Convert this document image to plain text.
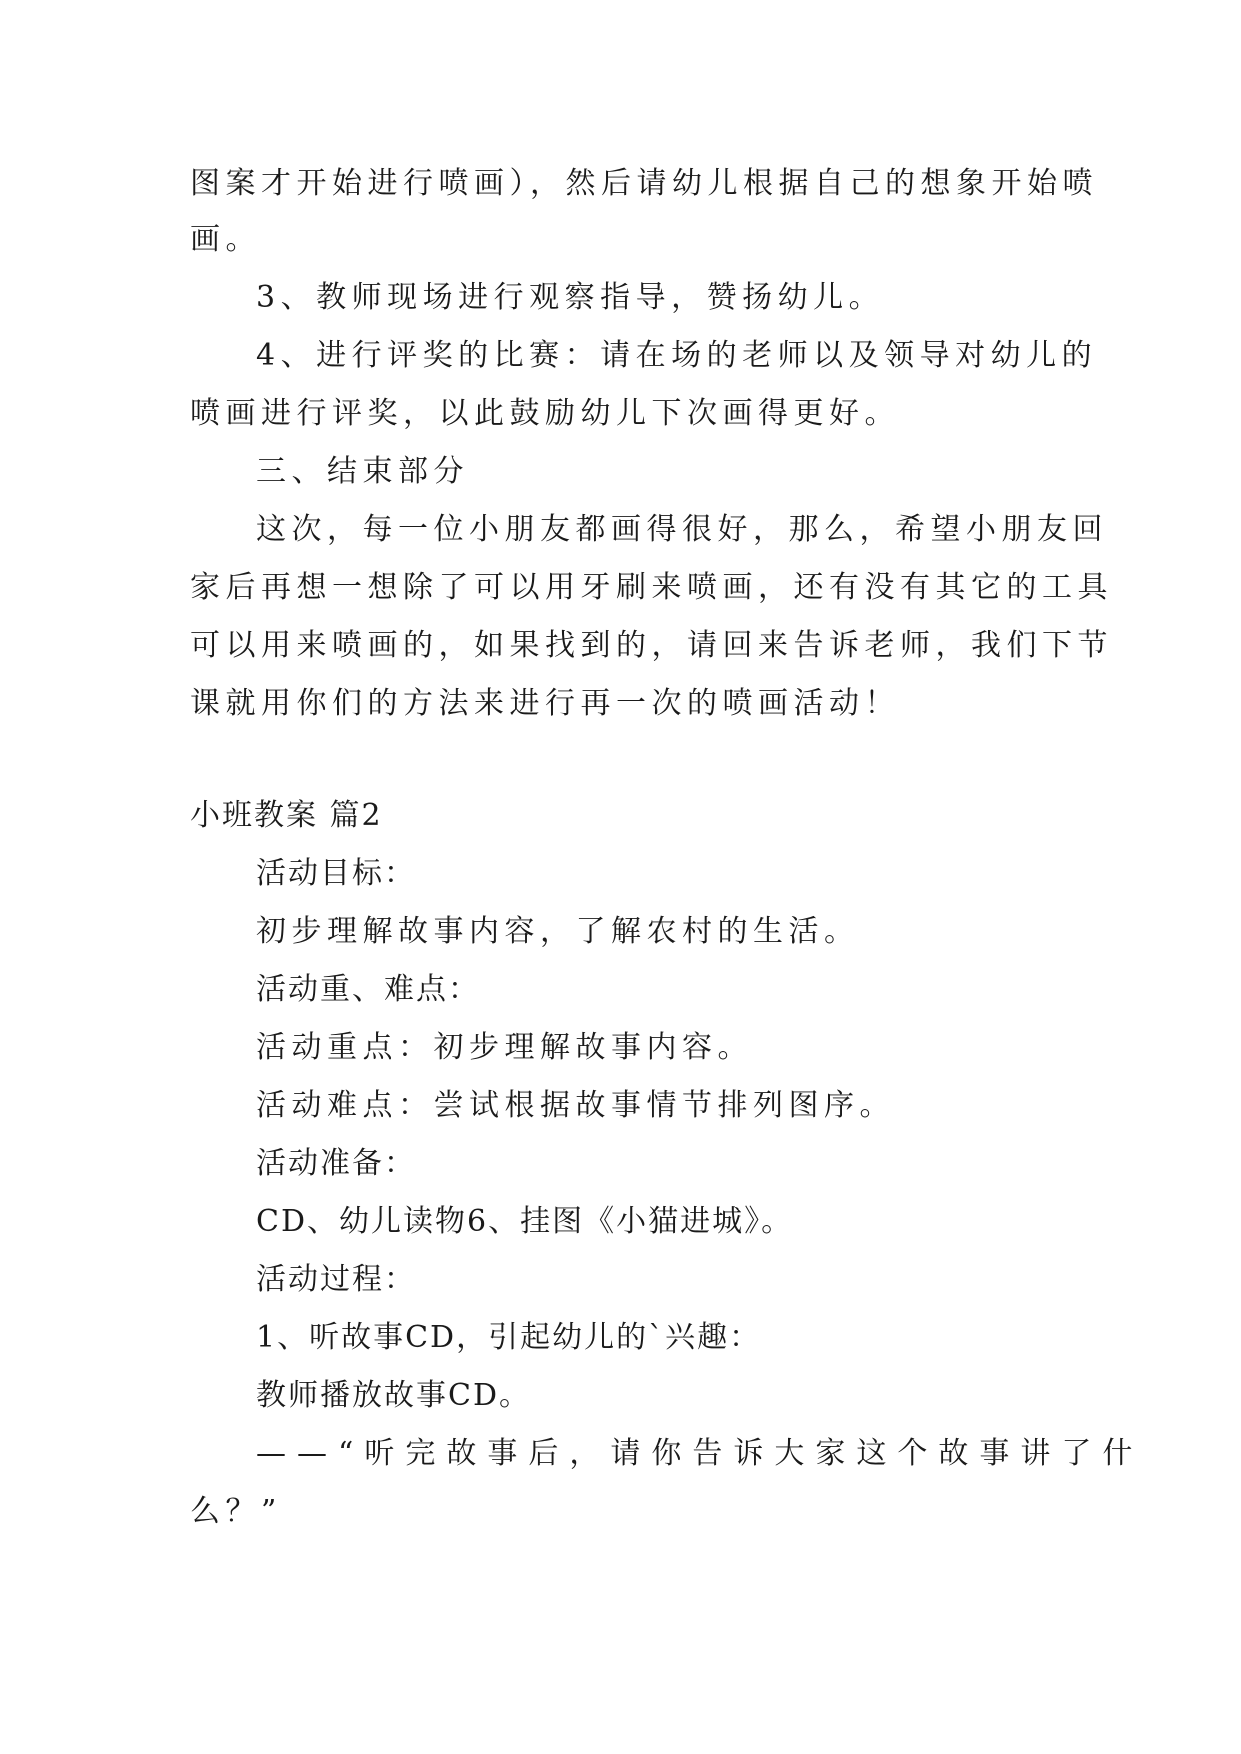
图案才开始进行喷画），然后请幼儿根据自己的想象开始喷
画。
3、教师现场进行观察指导，赞扬幼儿。
4、进行评奖的比赛：请在场的老师以及领导对幼儿的
喷画进行评奖，以此鼓励幼儿下次画得更好。
三、结束部分
这次，每一位小朋友都画得很好，那么，希望小朋友回
家后再想一想除了可以用牙刷来喷画，还有没有其它的工具
可以用来喷画的，如果找到的，请回来告诉老师，我们下节
课就用你们的方法来进行再一次的喷画活动！
小班教案 篇2
活动目标：
初步理解故事内容，了解农村的生活。
活动重、难点：
活动重点：初步理解故事内容。
活动难点：尝试根据故事情节排列图序。
活动准备：
CD、幼儿读物6、挂图《小猫进城》。
活动过程：
1、听故事CD，引起幼儿的`兴趣：
教师播放故事CD。
——“听完故事后，请你告诉大家这个故事讲了什
么？”
